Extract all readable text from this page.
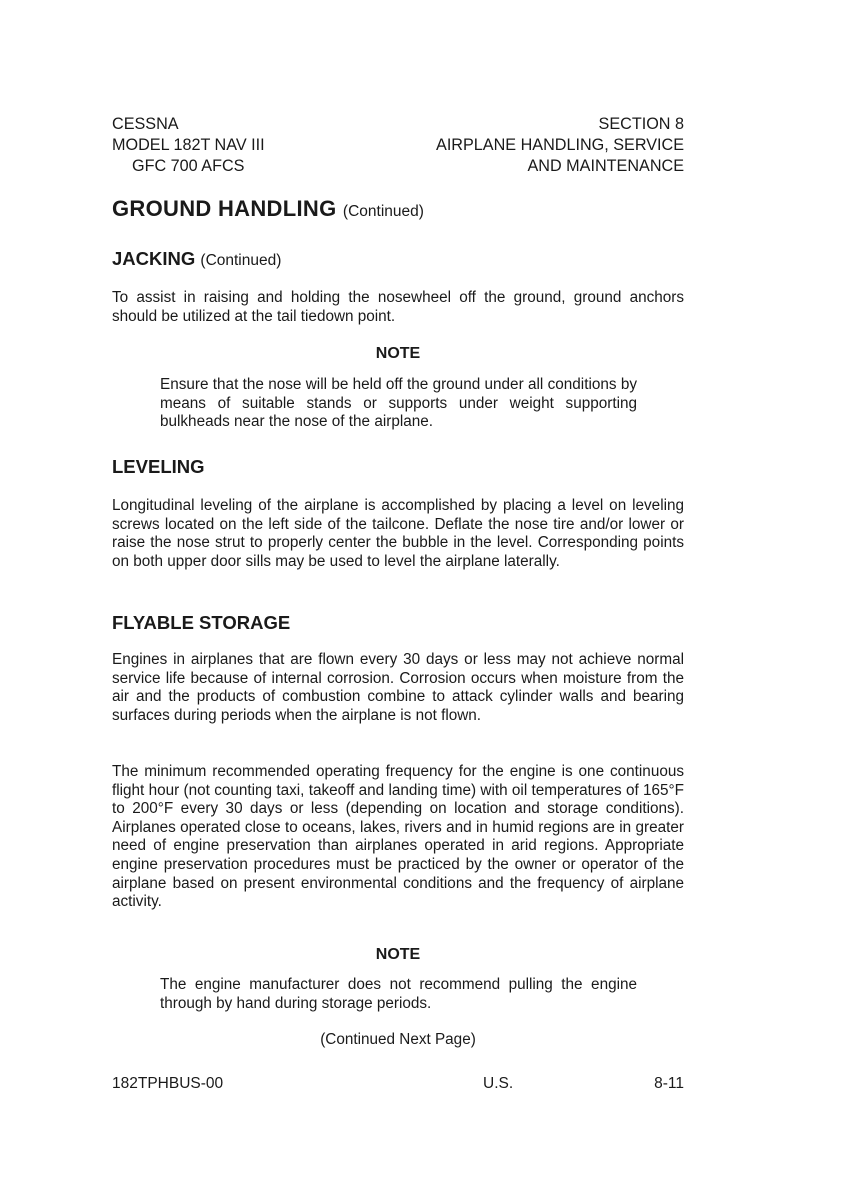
CESSNA
MODEL 182T NAV III
GFC 700 AFCS
SECTION 8
AIRPLANE HANDLING, SERVICE
AND MAINTENANCE
GROUND HANDLING (Continued)
JACKING (Continued)

To assist in raising and holding the nosewheel off the ground, ground anchors should be utilized at the tail tiedown point.

NOTE
Ensure that the nose will be held off the ground under all conditions by means of suitable stands or supports under weight supporting bulkheads near the nose of the airplane.
LEVELING

Longitudinal leveling of the airplane is accomplished by placing a level on leveling screws located on the left side of the tailcone. Deflate the nose tire and/or lower or raise the nose strut to properly center the bubble in the level. Corresponding points on both upper door sills may be used to level the airplane laterally.

FLYABLE STORAGE

Engines in airplanes that are flown every 30 days or less may not achieve normal service life because of internal corrosion. Corrosion occurs when moisture from the air and the products of combustion combine to attack cylinder walls and bearing surfaces during periods when the airplane is not flown.

The minimum recommended operating frequency for the engine is one continuous flight hour (not counting taxi, takeoff and landing time) with oil temperatures of 165°F to 200°F every 30 days or less (depending on location and storage conditions). Airplanes operated close to oceans, lakes, rivers and in humid regions are in greater need of engine preservation than airplanes operated in arid regions. Appropriate engine preservation procedures must be practiced by the owner or operator of the airplane based on present environmental conditions and the frequency of airplane activity.

NOTE
The engine manufacturer does not recommend pulling the engine through by hand during storage periods.
(Continued Next Page)
182TPHBUS-00	U.S.	8-11
